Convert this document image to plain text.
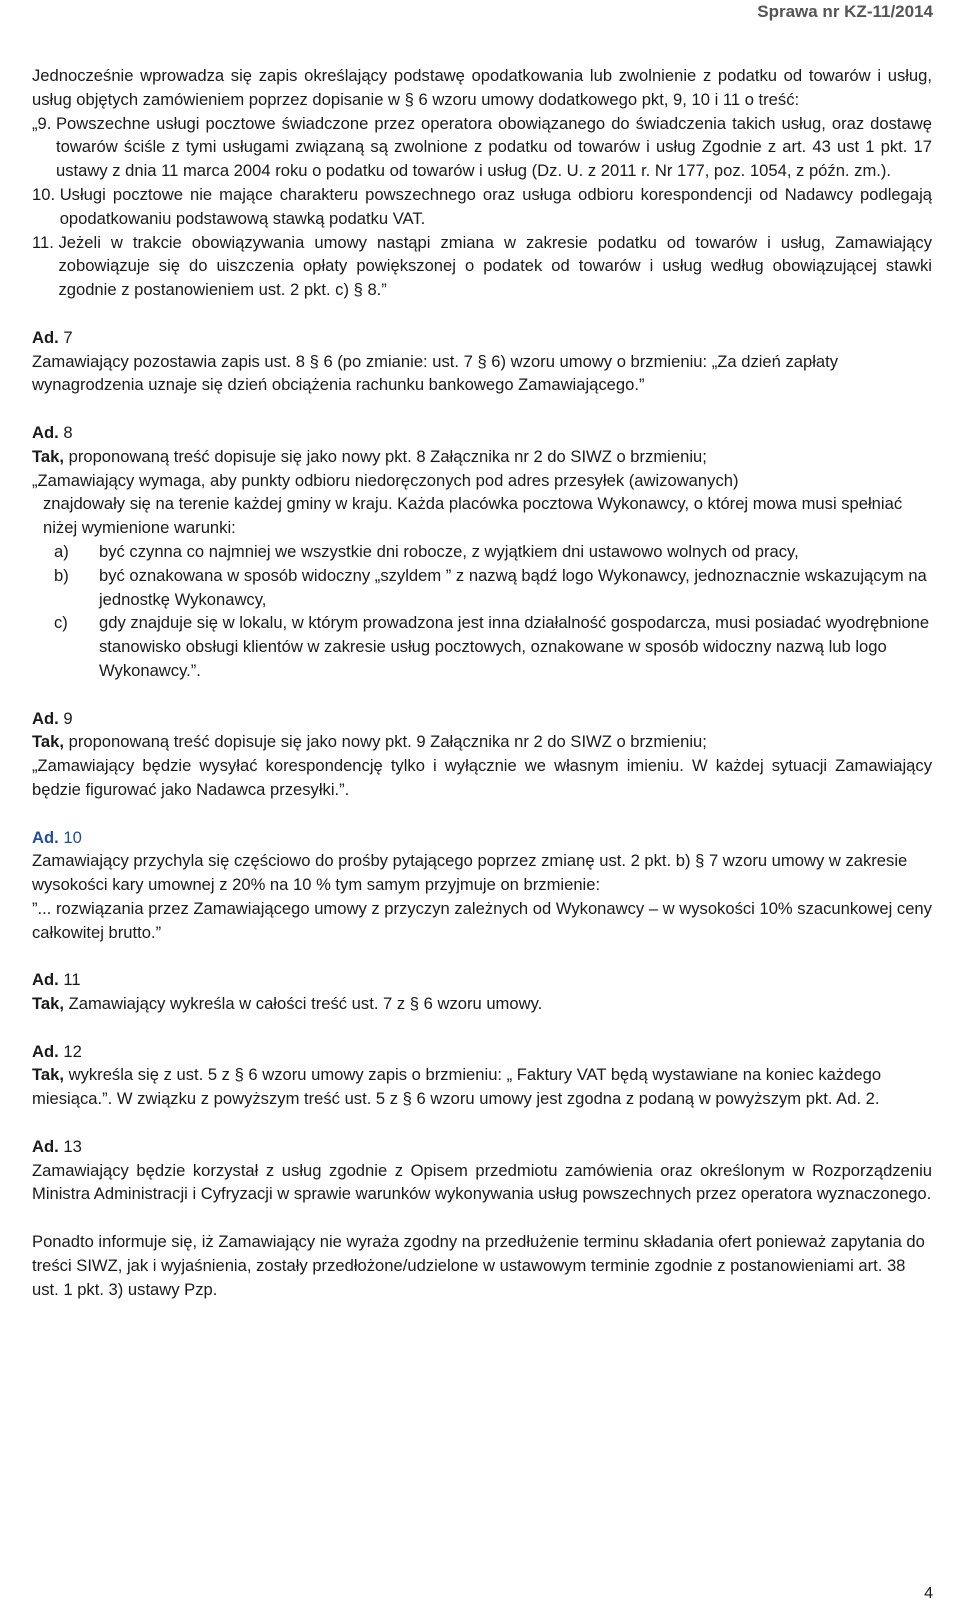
Sprawa nr KZ-11/2014

Jednocześnie wprowadza się zapis określający podstawę opodatkowania lub zwolnienie z podatku od towarów i usług, usług objętych zamówieniem poprzez dopisanie w § 6 wzoru umowy dodatkowego pkt, 9, 10 i 11 o treść:

„9. Powszechne usługi pocztowe świadczone przez operatora obowiązanego do świadczenia takich usług, oraz dostawę towarów ściśle z tymi usługami związaną są zwolnione z podatku od towarów i usług Zgodnie z art. 43 ust 1 pkt. 17 ustawy z dnia 11 marca 2004 roku o podatku od towarów i usług (Dz. U. z 2011 r. Nr 177, poz. 1054, z późn. zm.).
10. Usługi pocztowe nie mające charakteru powszechnego oraz usługa odbioru korespondencji od Nadawcy podlegają opodatkowaniu podstawową stawką podatku VAT.
11. Jeżeli w trakcie obowiązywania umowy nastąpi zmiana w zakresie podatku od towarów i usług, Zamawiający zobowiązuje się do uiszczenia opłaty powiększonej o podatek od towarów i usług według obowiązującej stawki zgodnie z postanowieniem ust. 2 pkt. c) § 8.”

Ad. 7

Zamawiający pozostawia zapis ust. 8 § 6 (po zmianie: ust. 7 § 6) wzoru umowy o brzmieniu: „Za dzień zapłaty wynagrodzenia uznaje się dzień obciążenia rachunku bankowego Zamawiającego.”

Ad. 8

Tak, proponowaną treść dopisuje się jako nowy pkt. 8 Załącznika nr 2 do SIWZ o brzmieniu;

„Zamawiający wymaga, aby punkty odbioru niedoręczonych pod adres przesyłek (awizowanych)

znajdowały się na terenie każdej gminy w kraju. Każda placówka pocztowa Wykonawcy, o której mowa musi spełniać niżej wymienione warunki:

a)	być czynna co najmniej we wszystkie dni robocze, z wyjątkiem dni ustawowo wolnych od pracy,
b)	być oznakowana w sposób widoczny „szyldem ” z nazwą bądź logo Wykonawcy, jednoznacznie wskazującym na jednostkę Wykonawcy,
c)	gdy znajduje się w lokalu, w którym prowadzona jest inna działalność gospodarcza, musi posiadać wyodrębnione stanowisko obsługi klientów w zakresie usług pocztowych, oznakowane w sposób widoczny nazwą lub logo Wykonawcy.”.

Ad. 9

Tak, proponowaną treść dopisuje się jako nowy pkt. 9 Załącznika nr 2 do SIWZ o brzmieniu;

„Zamawiający będzie wysyłać korespondencję tylko i wyłącznie we własnym imieniu. W każdej sytuacji Zamawiający będzie figurować jako Nadawca przesyłki.”.

Ad. 10

Zamawiający przychyla się częściowo do prośby pytającego poprzez zmianę ust. 2 pkt. b) § 7 wzoru umowy w zakresie wysokości kary umownej z 20% na 10 % tym samym przyjmuje on brzmienie:

”... rozwiązania przez Zamawiającego umowy z przyczyn zależnych od Wykonawcy – w wysokości 10% szacunkowej ceny całkowitej brutto.”

Ad. 11

Tak, Zamawiający wykreśla w całości treść ust. 7 z § 6 wzoru umowy.

Ad. 12

Tak, wykreśla się z ust. 5 z § 6 wzoru umowy zapis o brzmieniu: „ Faktury VAT będą wystawiane na koniec każdego miesiąca.”. W związku z powyższym treść ust. 5 z § 6 wzoru umowy jest zgodna z podaną w powyższym pkt. Ad. 2.

Ad. 13

Zamawiający będzie korzystał z usług zgodnie z Opisem przedmiotu zamówienia oraz określonym w Rozporządzeniu Ministra Administracji i Cyfryzacji w sprawie warunków wykonywania usług powszechnych przez operatora wyznaczonego.

Ponadto informuje się, iż Zamawiający nie wyraża zgodny na przedłużenie terminu składania ofert ponieważ zapytania do treści SIWZ, jak i wyjaśnienia, zostały przedłożone/udzielone w ustawowym terminie zgodnie z postanowieniami art. 38 ust. 1 pkt. 3) ustawy Pzp.

4
